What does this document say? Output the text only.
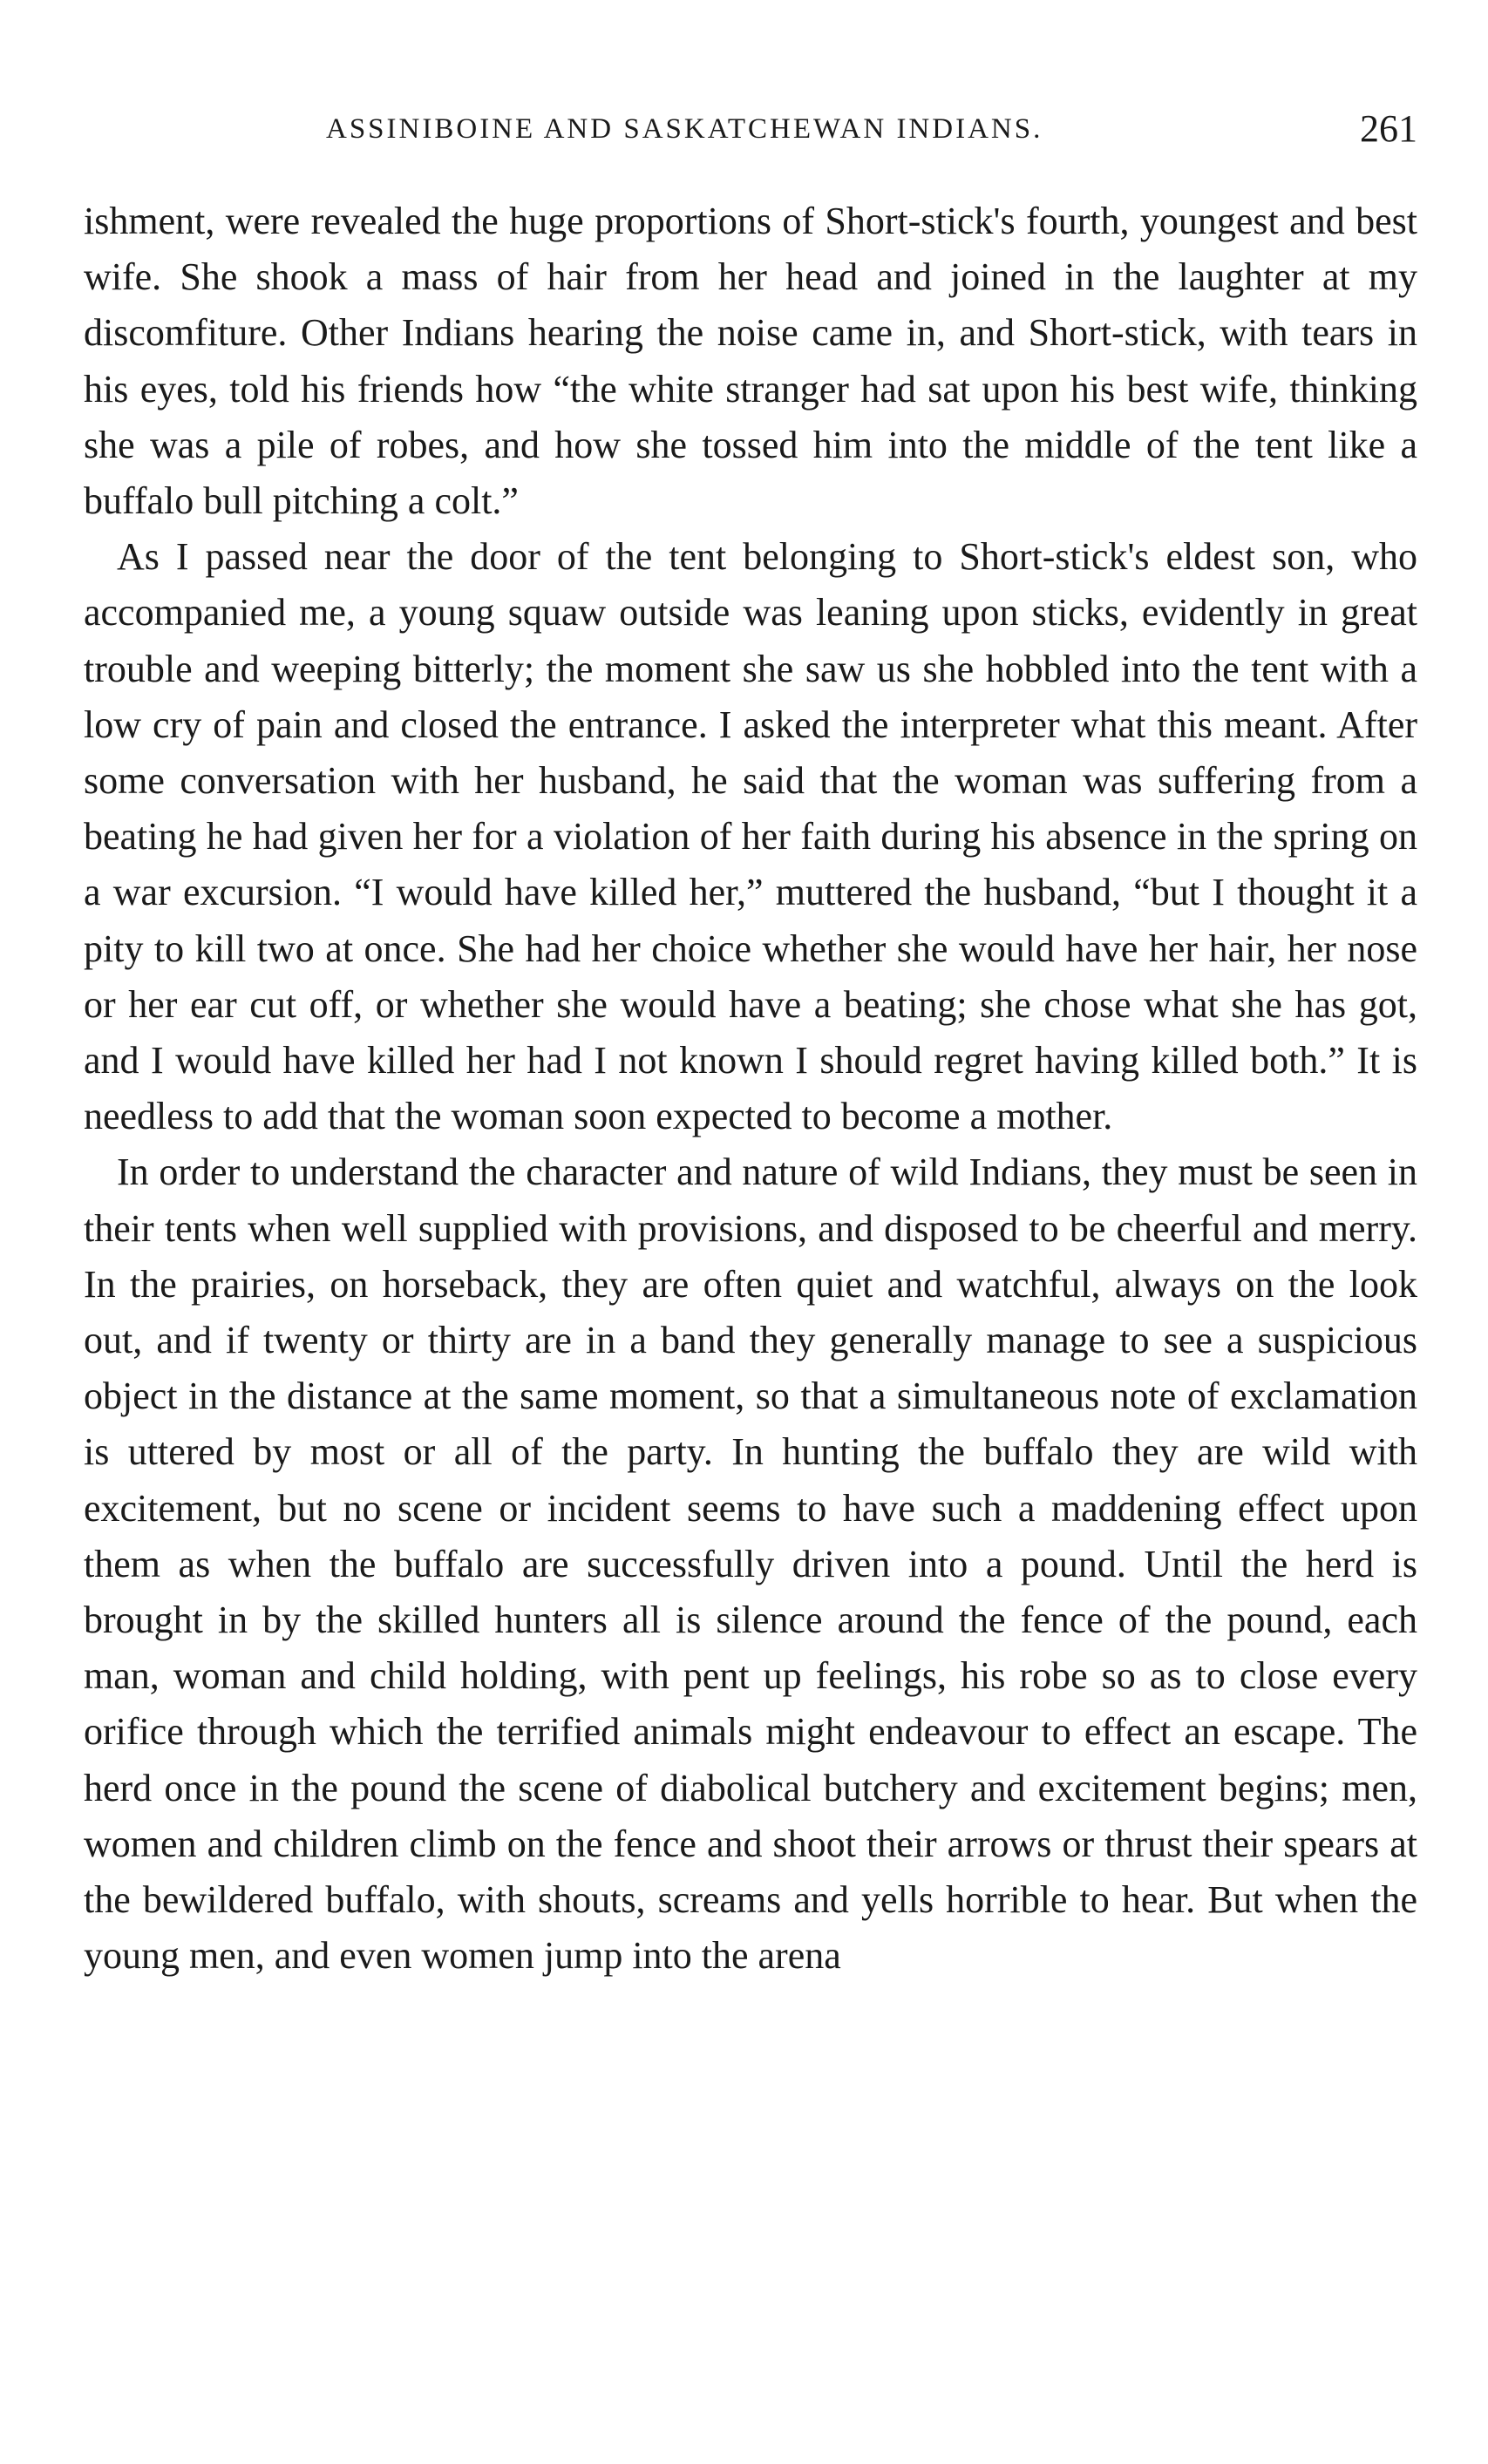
ASSINIBOINE AND SASKATCHEWAN INDIANS.	261

ishment, were revealed the huge proportions of Short-stick's fourth, youngest and best wife. She shook a mass of hair from her head and joined in the laughter at my discomfiture. Other Indians hearing the noise came in, and Short-stick, with tears in his eyes, told his friends how “the white stranger had sat upon his best wife, thinking she was a pile of robes, and how she tossed him into the middle of the tent like a buffalo bull pitching a colt.”

As I passed near the door of the tent belonging to Short-stick's eldest son, who accompanied me, a young squaw outside was leaning upon sticks, evidently in great trouble and weeping bitterly; the moment she saw us she hobbled into the tent with a low cry of pain and closed the entrance. I asked the interpreter what this meant. After some conversation with her husband, he said that the woman was suffering from a beating he had given her for a violation of her faith during his absence in the spring on a war excursion. “I would have killed her,” muttered the husband, “but I thought it a pity to kill two at once. She had her choice whether she would have her hair, her nose or her ear cut off, or whether she would have a beating; she chose what she has got, and I would have killed her had I not known I should regret having killed both.” It is needless to add that the woman soon expected to become a mother.

In order to understand the character and nature of wild Indians, they must be seen in their tents when well supplied with provisions, and disposed to be cheerful and merry. In the prairies, on horseback, they are often quiet and watchful, always on the look out, and if twenty or thirty are in a band they generally manage to see a suspicious object in the distance at the same moment, so that a simultaneous note of exclamation is uttered by most or all of the party. In hunting the buffalo they are wild with excitement, but no scene or incident seems to have such a maddening effect upon them as when the buffalo are successfully driven into a pound. Until the herd is brought in by the skilled hunters all is silence around the fence of the pound, each man, woman and child holding, with pent up feelings, his robe so as to close every orifice through which the terrified animals might endeavour to effect an escape. The herd once in the pound the scene of diabolical butchery and excitement begins; men, women and children climb on the fence and shoot their arrows or thrust their spears at the bewildered buffalo, with shouts, screams and yells horrible to hear. But when the young men, and even women jump into the arena
